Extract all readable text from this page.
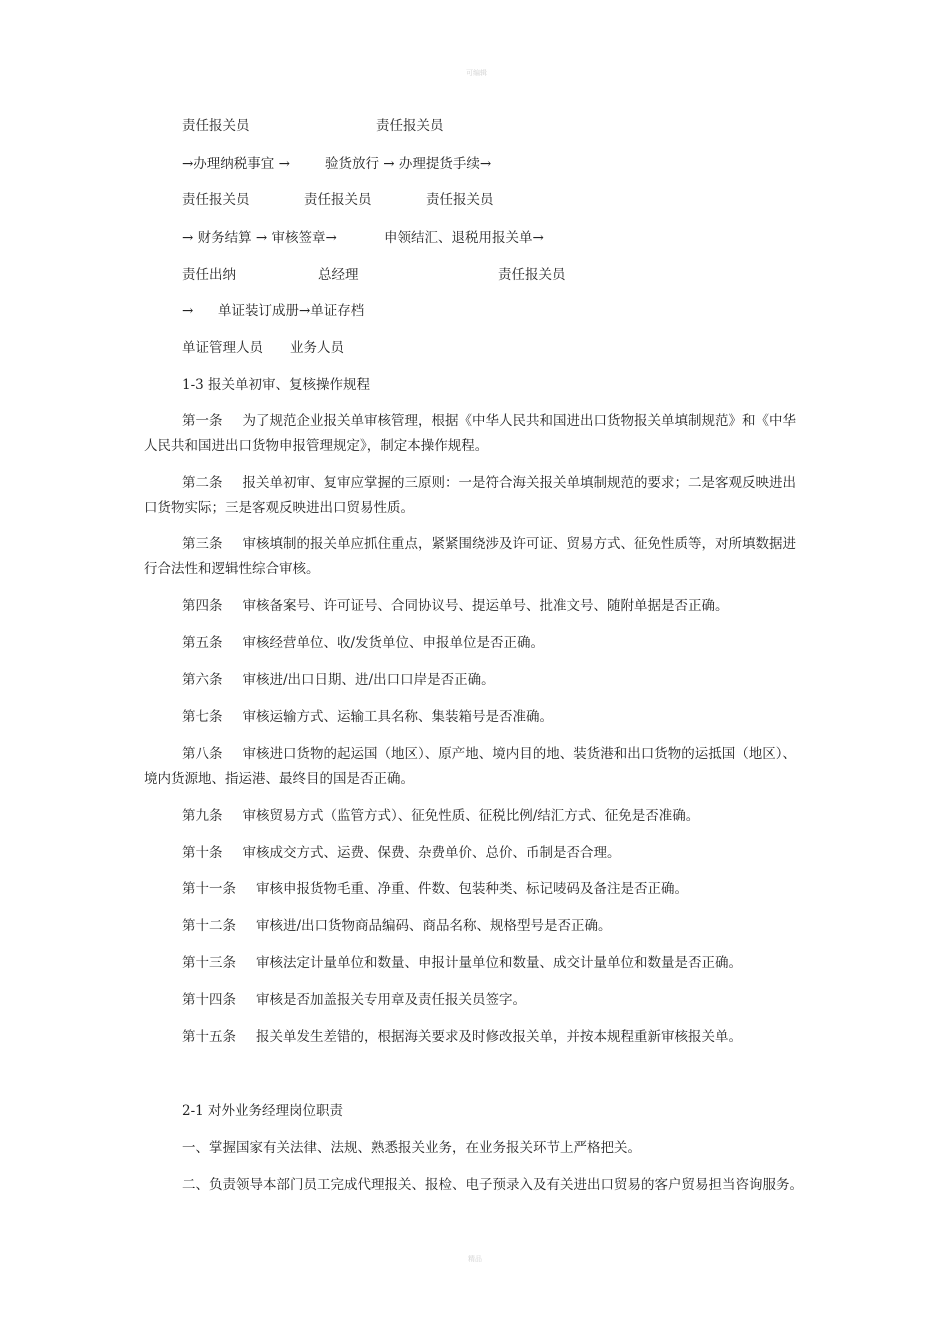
可编辑
责任报关员	责任报关员
→办理纳税事宜 →	验货放行 → 办理提货手续→
责任报关员	责任报关员	责任报关员
→ 财务结算 → 审核签章→	申领结汇、退税用报关单→
责任出纳	总经理	责任报关员
→ 单证装订成册→单证存档
单证管理人员 业务人员
1-3 报关单初审、复核操作规程
第一条 为了规范企业报关单审核管理，根据《中华人民共和国进出口货物报关单填制规范》和《中华人民共和国进出口货物申报管理规定》，制定本操作规程。
第二条 报关单初审、复审应掌握的三原则：一是符合海关报关单填制规范的要求；二是客观反映进出口货物实际；三是客观反映进出口贸易性质。
第三条 审核填制的报关单应抓住重点，紧紧围绕涉及许可证、贸易方式、征免性质等，对所填数据进行合法性和逻辑性综合审核。
第四条 审核备案号、许可证号、合同协议号、提运单号、批准文号、随附单据是否正确。
第五条 审核经营单位、收/发货单位、申报单位是否正确。
第六条 审核进/出口日期、进/出口口岸是否正确。
第七条 审核运输方式、运输工具名称、集装箱号是否准确。
第八条 审核进口货物的起运国（地区）、原产地、境内目的地、装货港和出口货物的运抵国（地区）、境内货源地、指运港、最终目的国是否正确。
第九条 审核贸易方式（监管方式）、征免性质、征税比例/结汇方式、征免是否准确。
第十条 审核成交方式、运费、保费、杂费单价、总价、币制是否合理。
第十一条 审核申报货物毛重、净重、件数、包装种类、标记唛码及备注是否正确。
第十二条 审核进/出口货物商品编码、商品名称、规格型号是否正确。
第十三条 审核法定计量单位和数量、申报计量单位和数量、成交计量单位和数量是否正确。
第十四条 审核是否加盖报关专用章及责任报关员签字。
第十五条 报关单发生差错的，根据海关要求及时修改报关单，并按本规程重新审核报关单。
2-1 对外业务经理岗位职责
一、掌握国家有关法律、法规、熟悉报关业务，在业务报关环节上严格把关。
二、负责领导本部门员工完成代理报关、报检、电子预录入及有关进出口贸易的客户贸易担当咨询服务。
精品
